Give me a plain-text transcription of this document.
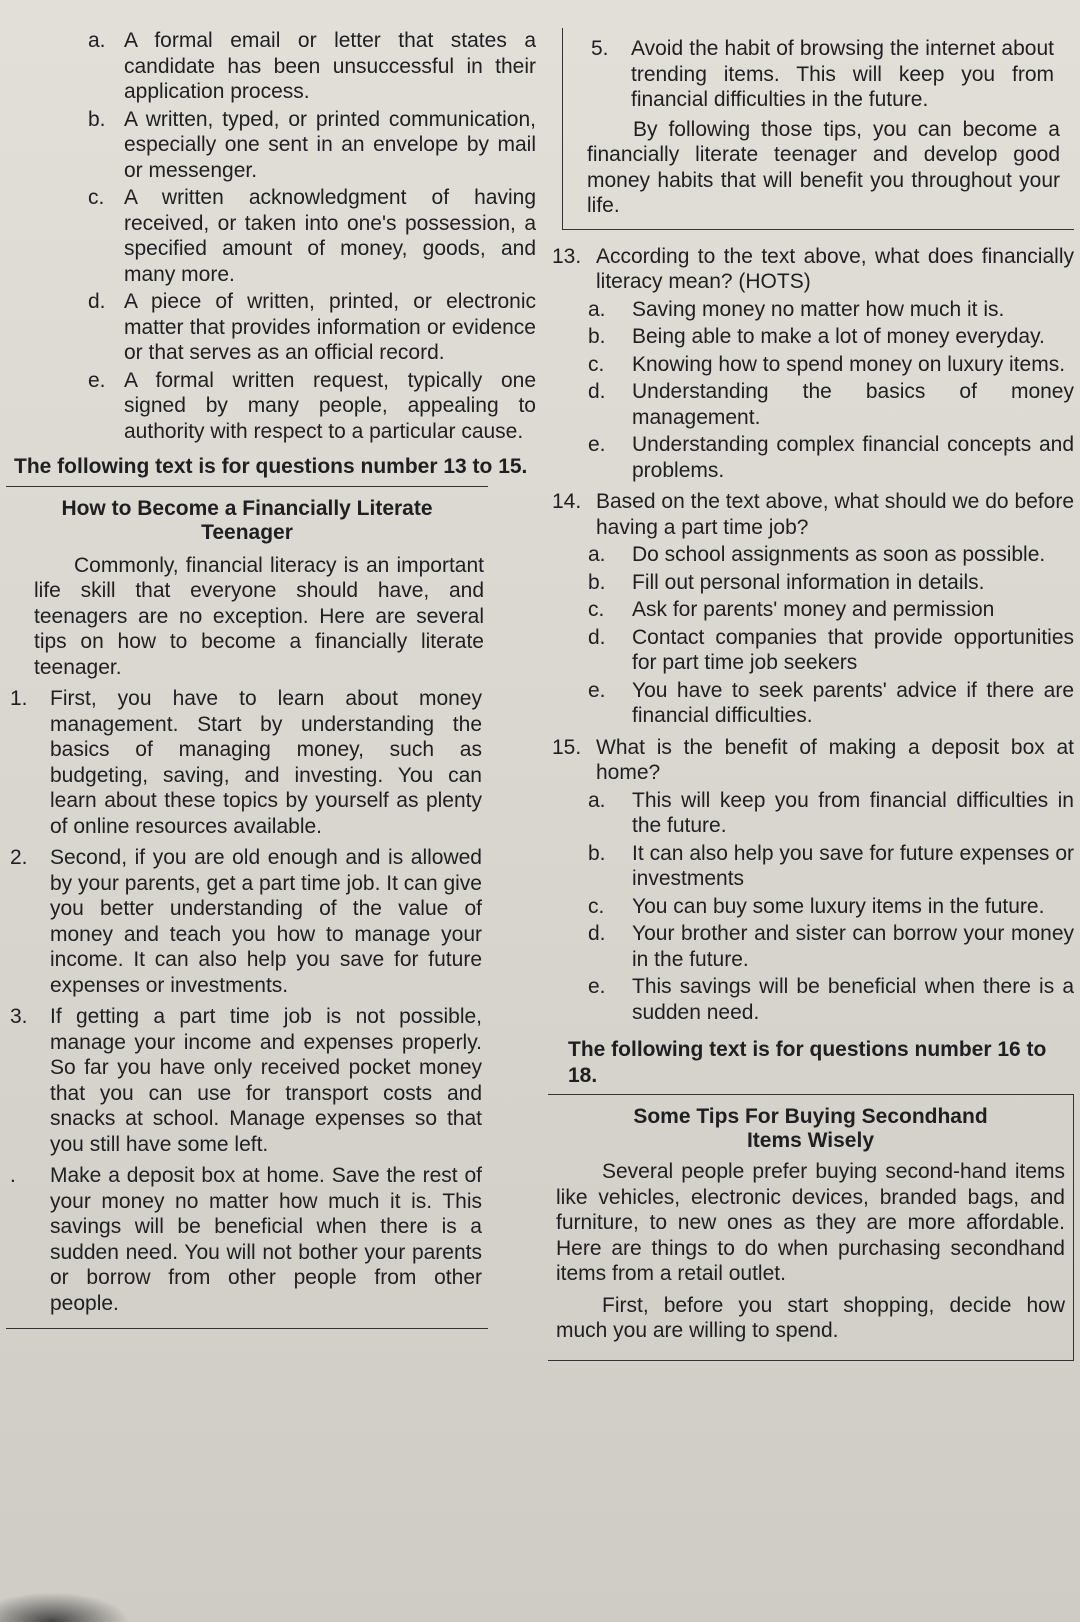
a. A formal email or letter that states a candidate has been unsuccessful in their application process.
b. A written, typed, or printed communication, especially one sent in an envelope by mail or messenger.
c. A written acknowledgment of having received, or taken into one's possession, a specified amount of money, goods, and many more.
d. A piece of written, printed, or electronic matter that provides information or evidence or that serves as an official record.
e. A formal written request, typically one signed by many people, appealing to authority with respect to a particular cause.
The following text is for questions number 13 to 15.
How to Become a Financially Literate
Teenager
Commonly, financial literacy is an important life skill that everyone should have, and teenagers are no exception. Here are several tips on how to become a financially literate teenager.
1.	First, you have to learn about money management. Start by understanding the basics of managing money, such as budgeting, saving, and investing. You can learn about these topics by yourself as plenty of online resources available.
2.	Second, if you are old enough and is allowed by your parents, get a part time job. It can give you better understanding of the value of money and teach you how to manage your income. It can also help you save for future expenses or investments.
3.	If getting a part time job is not possible, manage your income and expenses properly. So far you have only received pocket money that you can use for transport costs and snacks at school. Manage expenses so that you still have some left.
.	Make a deposit box at home. Save the rest of your money no matter how much it is. This savings will be beneficial when there is a sudden need. You will not bother your parents or borrow from other people from other people.
5.	Avoid the habit of browsing the internet about trending items. This will keep you from financial difficulties in the future.

By following those tips, you can become a financially literate teenager and develop good money habits that will benefit you throughout your life.

13. According to the text above, what does financially literacy mean? (HOTS)
a.	Saving money no matter how much it is.
b.	Being able to make a lot of money everyday.
c.	Knowing how to spend money on luxury items.
d.	Understanding the basics of money management.
e.	Understanding complex financial concepts and problems.
14. Based on the text above, what should we do before having a part time job?
a.	Do school assignments as soon as possible.
b.	Fill out personal information in details.
c.	Ask for parents' money and permission
d.	Contact companies that provide opportunities for part time job seekers
e.	You have to seek parents' advice if there are financial difficulties.
15. What is the benefit of making a deposit box at home?
a.	This will keep you from financial difficulties in the future.
b.	It can also help you save for future expenses or investments
c.	You can buy some luxury items in the future.
d.	Your brother and sister can borrow your money in the future.
e.	This savings will be beneficial when there is a sudden need.
The following text is for questions number 16 to 18.
Some Tips For Buying Secondhand
Items Wisely

Several people prefer buying second-hand items like vehicles, electronic devices, branded bags, and furniture, to new ones as they are more affordable. Here are things to do when purchasing secondhand items from a retail outlet.

First, before you start shopping, decide how much you are willing to spend.
